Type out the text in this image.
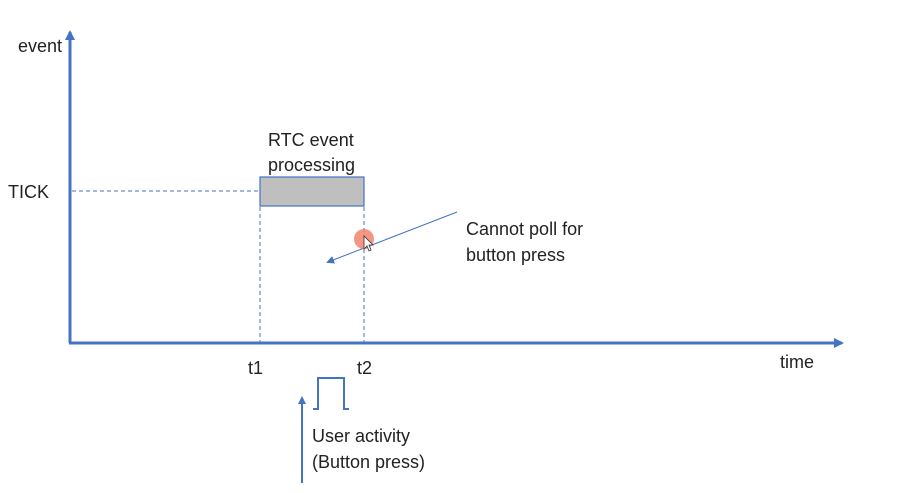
event
time
TICK
t1	t2
RTC event
processing
Cannot poll for
button press
User activity
(Button press)
